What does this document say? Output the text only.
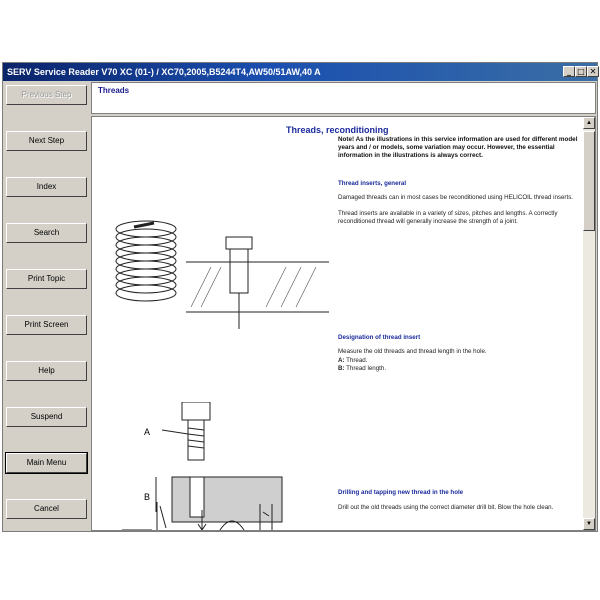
SERV Service Reader V70 XC (01-) / XC70,2005,B5244T4,AW50/51AW,40 A	_ □ ✕
Previous Step
Next Step
Index
Search
Print Topic
Print Screen
Help
Suspend
Main Menu
Cancel
Threads
Threads, reconditioning
Note! As the illustrations in this service information are used for different model years and / or models, some variation may occur. However, the essential information in the illustrations is always correct.
Thread inserts, general
Damaged threads can in most cases be reconditioned using HELICOIL thread inserts.
Thread inserts are available in a variety of sizes, pitches and lengths. A correctly reconditioned thread will generally increase the strength of a joint.
Designation of thread insert
Measure the old threads and thread length in the hole.
A: Thread.
B: Thread length.
Drilling and tapping new thread in the hole
Drill out the old threads using the correct diameter drill bit. Blow the hole clean.
A
B
▲
▼
